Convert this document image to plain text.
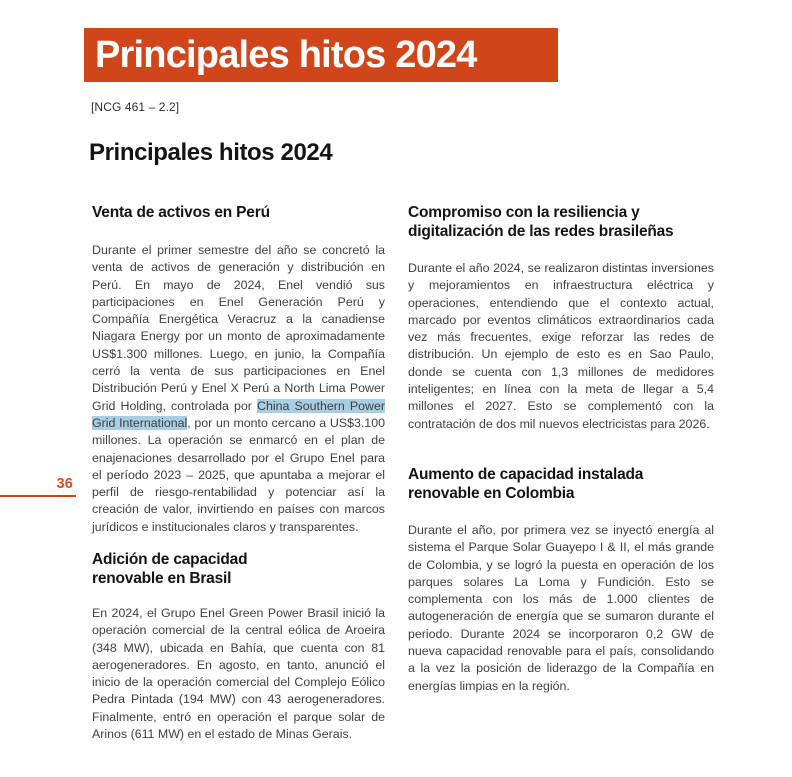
Principales hitos 2024
[NCG 461 – 2.2]
Principales hitos 2024
Venta de activos en Perú

Durante el primer semestre del año se concretó la venta de activos de generación y distribución en Perú. En mayo de 2024, Enel vendió sus participaciones en Enel Generación Perú y Compañía Energética Veracruz a la canadiense Niagara Energy por un monto de aproximadamente US$1.300 millones. Luego, en junio, la Compañía cerró la venta de sus participaciones en Enel Distribución Perú y Enel X Perú a North Lima Power Grid Holding, controlada por China Southern Power Grid International, por un monto cercano a US$3.100 millones. La operación se enmarcó en el plan de enajenaciones desarrollado por el Grupo Enel para el período 2023 – 2025, que apuntaba a mejorar el perfil de riesgo-rentabilidad y potenciar así la creación de valor, invirtiendo en países con marcos jurídicos e institucionales claros y transparentes.

Adición de capacidad
renovable en Brasil

En 2024, el Grupo Enel Green Power Brasil inició la operación comercial de la central eólica de Aroeira (348 MW), ubicada en Bahía, que cuenta con 81 aerogeneradores. En agosto, en tanto, anunció el inicio de la operación comercial del Complejo Eólico Pedra Pintada (194 MW) con 43 aerogeneradores. Finalmente, entró en operación el parque solar de Arinos (611 MW) en el estado de Minas Gerais.

Compromiso con la resiliencia y
digitalización de las redes brasileñas

Durante el año 2024, se realizaron distintas inversiones y mejoramientos en infraestructura eléctrica y operaciones, entendiendo que el contexto actual, marcado por eventos climáticos extraordinarios cada vez más frecuentes, exige reforzar las redes de distribución. Un ejemplo de esto es en Sao Paulo, donde se cuenta con 1,3 millones de medidores inteligentes; en línea con la meta de llegar a 5,4 millones el 2027. Esto se complementó con la contratación de dos mil nuevos electricistas para 2026.

Aumento de capacidad instalada
renovable en Colombia

Durante el año, por primera vez se inyectó energía al sistema el Parque Solar Guayepo I & II, el más grande de Colombia, y se logró la puesta en operación de los parques solares La Loma y Fundición. Esto se complementa con los más de 1.000 clientes de autogeneración de energía que se sumaron durante el periodo. Durante 2024 se incorporaron 0,2 GW de nueva capacidad renovable para el país, consolidando a la vez la posición de liderazgo de la Compañía en energías limpias en la región.

36
